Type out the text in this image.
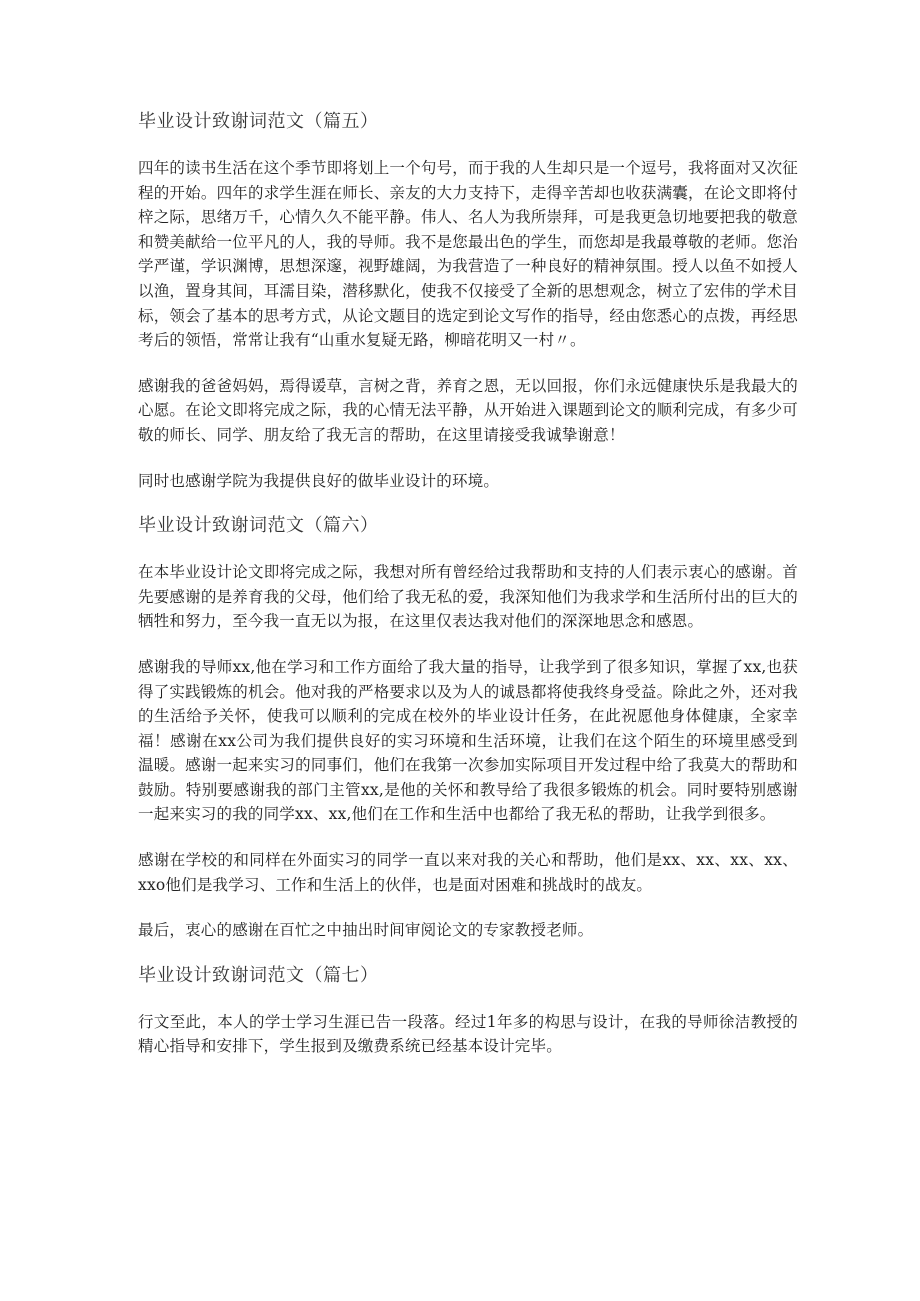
毕业设计致谢词范文（篇五）

四年的读书生活在这个季节即将划上一个句号，而于我的人生却只是一个逗号，我将面对又次征程的开始。四年的求学生涯在师长、亲友的大力支持下，走得辛苦却也收获满囊，在论文即将付梓之际，思绪万千，心情久久不能平静。伟人、名人为我所崇拜，可是我更急切地要把我的敬意和赞美献给一位平凡的人，我的导师。我不是您最出色的学生，而您却是我最尊敬的老师。您治学严谨，学识渊博，思想深邃，视野雄阔，为我营造了一种良好的精神氛围。授人以鱼不如授人以渔，置身其间，耳濡目染，潜移默化，使我不仅接受了全新的思想观念，树立了宏伟的学术目标，领会了基本的思考方式，从论文题目的选定到论文写作的指导，经由您悉心的点拨，再经思考后的领悟，常常让我有“山重水复疑无路，柳暗花明又一村〃。

感谢我的爸爸妈妈，焉得谖草，言树之背，养育之恩，无以回报，你们永远健康快乐是我最大的心愿。在论文即将完成之际，我的心情无法平静，从开始进入课题到论文的顺利完成，有多少可敬的师长、同学、朋友给了我无言的帮助，在这里请接受我诚挚谢意！

同时也感谢学院为我提供良好的做毕业设计的环境。

毕业设计致谢词范文（篇六）

在本毕业设计论文即将完成之际，我想对所有曾经给过我帮助和支持的人们表示衷心的感谢。首先要感谢的是养育我的父母，他们给了我无私的爱，我深知他们为我求学和生活所付出的巨大的牺牲和努力，至今我一直无以为报，在这里仅表达我对他们的深深地思念和感恩。

感谢我的导师xx,他在学习和工作方面给了我大量的指导，让我学到了很多知识，掌握了xx,也获得了实践锻炼的机会。他对我的严格要求以及为人的诚恳都将使我终身受益。除此之外，还对我的生活给予关怀，使我可以顺利的完成在校外的毕业设计任务，在此祝愿他身体健康，全家幸福！感谢在xx公司为我们提供良好的实习环境和生活环境，让我们在这个陌生的环境里感受到温暖。感谢一起来实习的同事们，他们在我第一次参加实际项目开发过程中给了我莫大的帮助和鼓励。特别要感谢我的部门主管xx,是他的关怀和教导给了我很多锻炼的机会。同时要特别感谢一起来实习的我的同学xx、xx,他们在工作和生活中也都给了我无私的帮助，让我学到很多。

感谢在学校的和同样在外面实习的同学一直以来对我的关心和帮助，他们是xx、xx、xx、xx、xxo他们是我学习、工作和生活上的伙伴，也是面对困难和挑战时的战友。

最后，衷心的感谢在百忙之中抽出时间审阅论文的专家教授老师。

毕业设计致谢词范文（篇七）

行文至此，本人的学士学习生涯已告一段落。经过1年多的构思与设计，在我的导师徐洁教授的精心指导和安排下，学生报到及缴费系统已经基本设计完毕。
